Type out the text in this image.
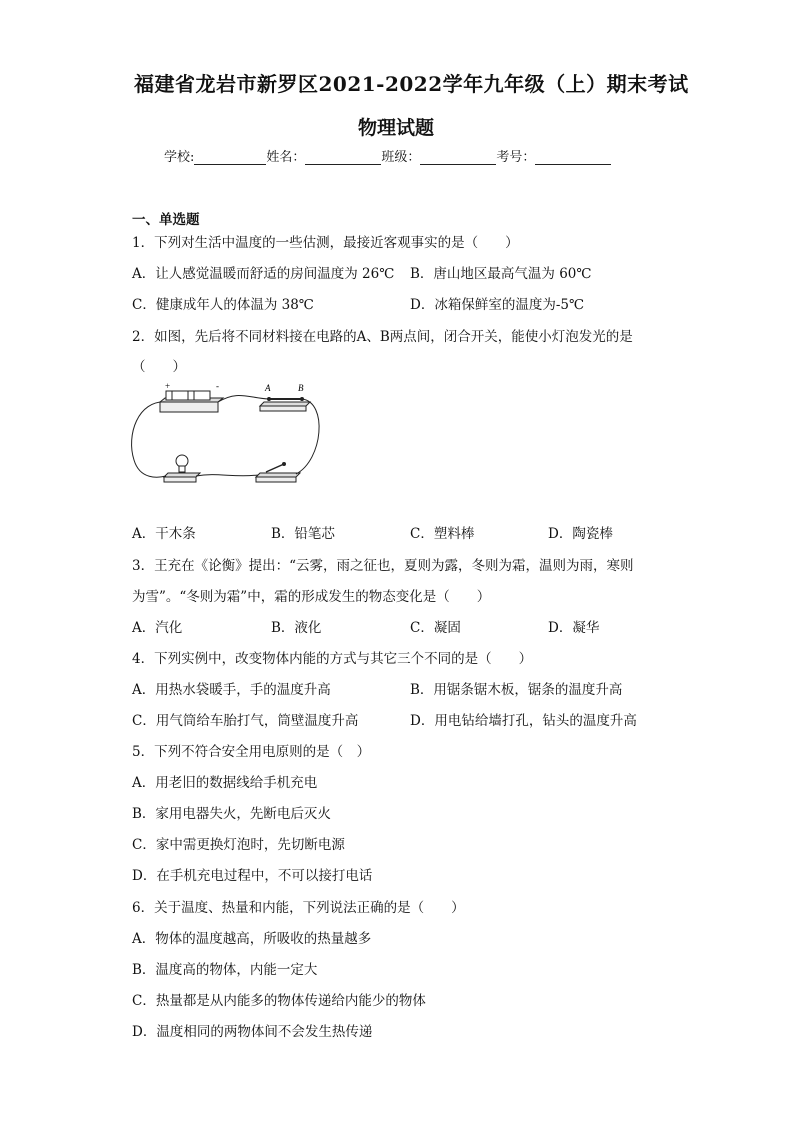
福建省龙岩市新罗区2021-2022学年九年级（上）期末考试
物理试题
学校:	姓名：	班级：	考号：
一、单选题
1．下列对生活中温度的一些估测，最接近客观事实的是（　　）
A．让人感觉温暖而舒适的房间温度为 26℃ B．唐山地区最高气温为 60℃
C．健康成年人的体温为 38℃	D．冰箱保鲜室的温度为-5℃
2．如图，先后将不同材料接在电路的A、B两点间，闭合开关，能使小灯泡发光的是
（　　）
+	-	A	B
A．干木条	B．铅笔芯	C．塑料棒	D．陶瓷棒
3．王充在《论衡》提出：“云雾，雨之征也，夏则为露，冬则为霜，温则为雨，寒则
为雪”。“冬则为霜”中，霜的形成发生的物态变化是（　　）
A．汽化	B．液化	C．凝固	D．凝华
4．下列实例中，改变物体内能的方式与其它三个不同的是（　　）
A．用热水袋暖手，手的温度升高	B．用锯条锯木板，锯条的温度升高
C．用气筒给车胎打气，筒壁温度升高	D．用电钻给墙打孔，钻头的温度升高
5．下列不符合安全用电原则的是（　）
A．用老旧的数据线给手机充电
B．家用电器失火，先断电后灭火
C．家中需更换灯泡时，先切断电源
D．在手机充电过程中，不可以接打电话
6．关于温度、热量和内能，下列说法正确的是（　　）
A．物体的温度越高，所吸收的热量越多
B．温度高的物体，内能一定大
C．热量都是从内能多的物体传递给内能少的物体
D．温度相同的两物体间不会发生热传递
